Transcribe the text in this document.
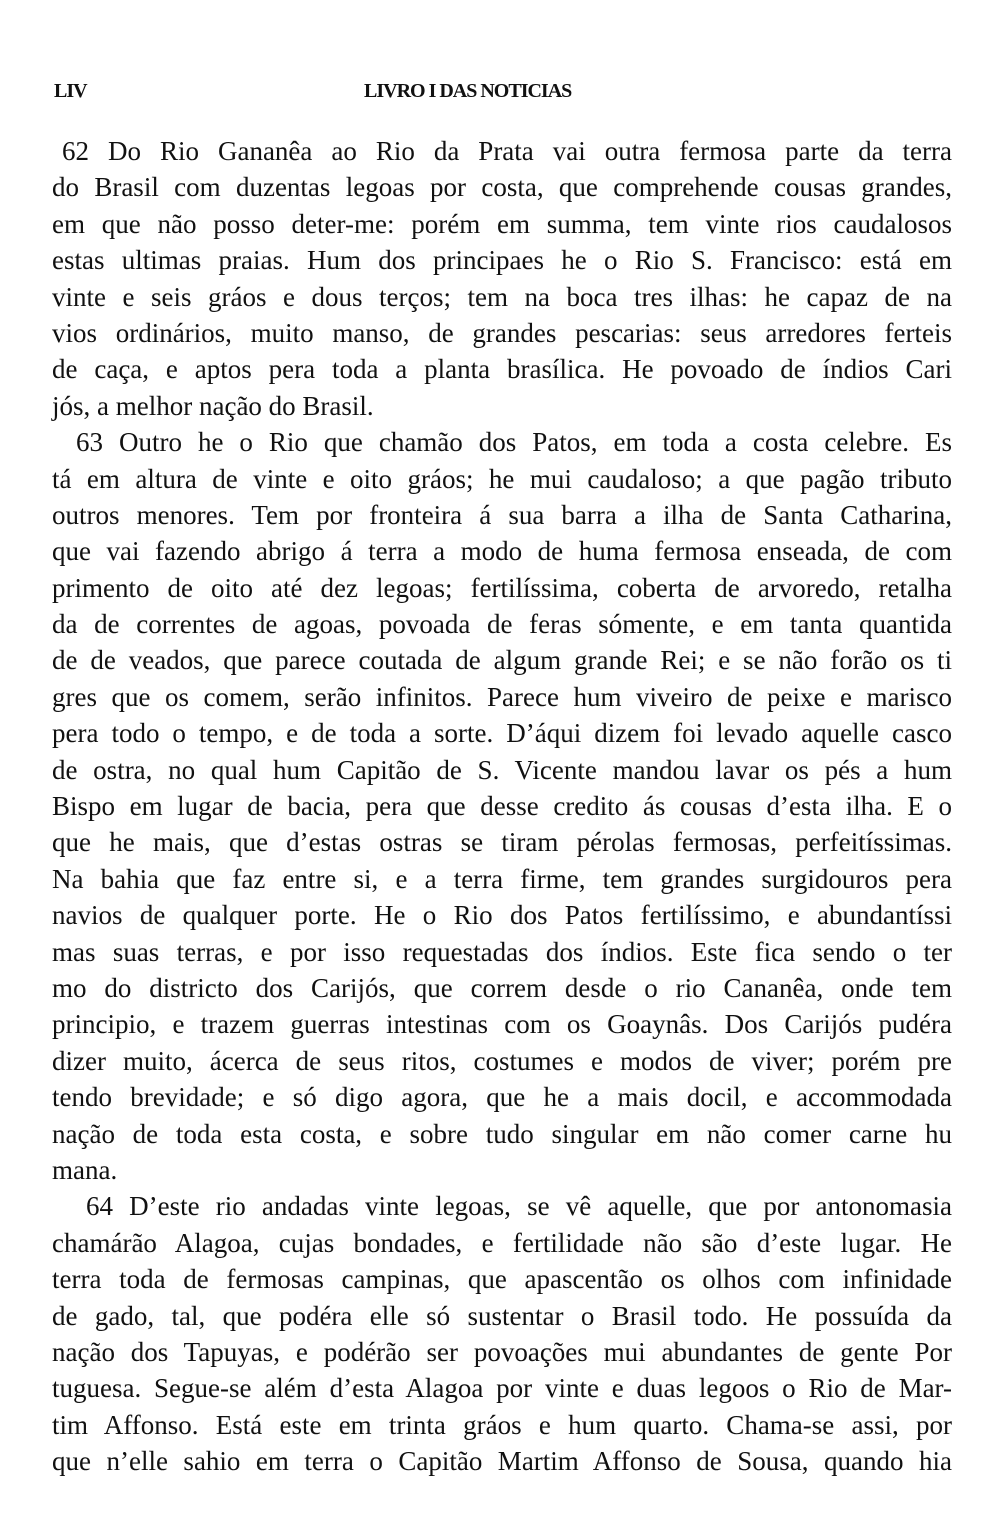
LIV	LIVRO I DAS NOTICIAS
62 Do Rio Gananêa ao Rio da Prata vai outra fermosa parte da terra
do Brasil com duzentas legoas por costa, que comprehende cousas grandes,
em que não posso deter-me: porém em summa, tem vinte rios caudalosos
estas ultimas praias. Hum dos principaes he o Rio S. Francisco: está em
vinte e seis gráos e dous terços; tem na boca tres ilhas: he capaz de na
vios ordinários, muito manso, de grandes pescarias: seus arredores ferteis
de caça, e aptos pera toda a planta brasílica. He povoado de índios Cari
jós, a melhor nação do Brasil.
63 Outro he o Rio que chamão dos Patos, em toda a costa celebre. Es
tá em altura de vinte e oito gráos; he mui caudaloso; a que pagão tributo
outros menores. Tem por fronteira á sua barra a ilha de Santa Catharina,
que vai fazendo abrigo á terra a modo de huma fermosa enseada, de com
primento de oito até dez legoas; fertilíssima, coberta de arvoredo, retalha
da de correntes de agoas, povoada de feras sómente, e em tanta quantida
de de veados, que parece coutada de algum grande Rei; e se não forão os ti
gres que os comem, serão infinitos. Parece hum viveiro de peixe e marisco
pera todo o tempo, e de toda a sorte. D’áqui dizem foi levado aquelle casco
de ostra, no qual hum Capitão de S. Vicente mandou lavar os pés a hum
Bispo em lugar de bacia, pera que desse credito ás cousas d’esta ilha. E o
que he mais, que d’estas ostras se tiram pérolas fermosas, perfeitíssimas.
Na bahia que faz entre si, e a terra firme, tem grandes surgidouros pera
navios de qualquer porte. He o Rio dos Patos fertilíssimo, e abundantíssi
mas suas terras, e por isso requestadas dos índios. Este fica sendo o ter
mo do districto dos Carijós, que correm desde o rio Cananêa, onde tem
principio, e trazem guerras intestinas com os Goaynâs. Dos Carijós pudéra
dizer muito, ácerca de seus ritos, costumes e modos de viver; porém pre
tendo brevidade; e só digo agora, que he a mais docil, e accommodada
nação de toda esta costa, e sobre tudo singular em não comer carne hu
mana.
64 D’este rio andadas vinte legoas, se vê aquelle, que por antonomasia
chamárão Alagoa, cujas bondades, e fertilidade não são d’este lugar. He
terra toda de fermosas campinas, que apascentão os olhos com infinidade
de gado, tal, que podéra elle só sustentar o Brasil todo. He possuída da
nação dos Tapuyas, e podérão ser povoações mui abundantes de gente Por
tuguesa. Segue-se além d’esta Alagoa por vinte e duas legoos o Rio de Mar-
tim Affonso. Está este em trinta gráos e hum quarto. Chama-se assi, por
que n’elle sahio em terra o Capitão Martim Affonso de Sousa, quando hia
